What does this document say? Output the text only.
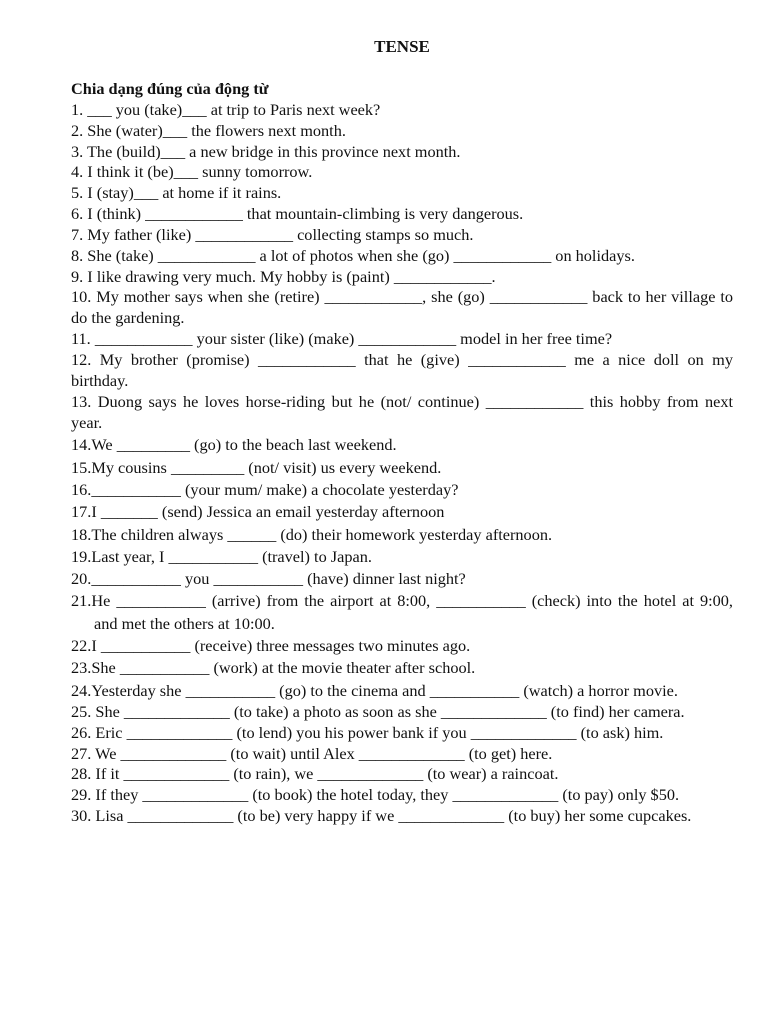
TENSE
Chia dạng đúng của động từ
1. ___ you (take)___ at trip to Paris next week?
2. She (water)___ the flowers next month.
3. The (build)___ a new bridge in this province next month.
4. I think it (be)___ sunny tomorrow.
5. I (stay)___ at home if it rains.
6. I (think) ____________ that mountain-climbing is very dangerous.
7. My father (like) ____________ collecting stamps so much.
8. She (take) ____________ a lot of photos when she (go) ____________ on holidays.
9. I like drawing very much. My hobby is (paint) ____________.
10. My mother says when she (retire) ____________, she (go) ____________ back to her village to do the gardening.
11. ____________ your sister (like) (make) ____________ model in her free time?
12. My brother (promise) ____________ that he (give) ____________ me a nice doll on my birthday.
13. Duong says he loves horse-riding but he (not/ continue) ____________ this hobby from next year.
14.We _________ (go) to the beach last weekend.
15.My cousins _________ (not/ visit) us every weekend.
16.___________ (your mum/ make) a chocolate yesterday?
17.I _______ (send) Jessica an email yesterday afternoon
18.The children always ______ (do) their homework yesterday afternoon.
19.Last year, I ___________ (travel) to Japan.
20.___________ you ___________ (have) dinner last night?
21.He ___________ (arrive) from the airport at 8:00, ___________ (check) into the hotel at 9:00, and met the others at 10:00.
22.I ___________ (receive) three messages two minutes ago.
23.She ___________ (work) at the movie theater after school.
24.Yesterday she ___________ (go) to the cinema and ___________ (watch) a horror movie.
25. She _____________ (to take) a photo as soon as she _____________ (to find) her camera.
26. Eric _____________ (to lend) you his power bank if you _____________ (to ask) him.
27. We _____________ (to wait) until Alex _____________ (to get) here.
28. If it _____________ (to rain), we _____________ (to wear) a raincoat.
29. If they _____________ (to book) the hotel today, they _____________ (to pay) only $50.
30. Lisa _____________ (to be) very happy if we _____________ (to buy) her some cupcakes.
